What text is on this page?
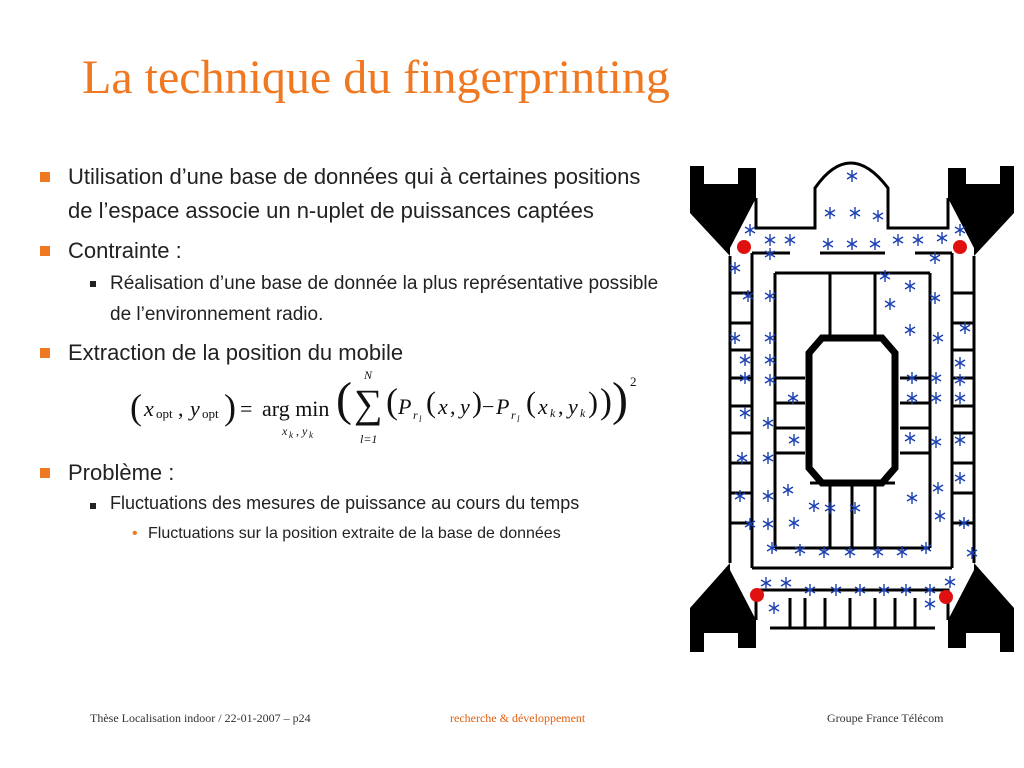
La technique du fingerprinting
Utilisation d’une base de données qui à certaines positions de l’espace associe un n-uplet de puissances captées
Contrainte :
Réalisation d’une base de donnée la plus représentative possible de l’environnement radio.
Extraction de la position du mobile
( x opt , y opt ) = arg min
x k , y k
( N
∑
l=1
( P r l ( x , y ) − P r l ( x k , y k ) ) ) 2
Problème :
Fluctuations des mesures de puissance au cours du temps
• Fluctuations sur la position extraite de la base de données
Thèse Localisation indoor / 22-01-2007 – p24	recherche & développement	Groupe France Télécom
